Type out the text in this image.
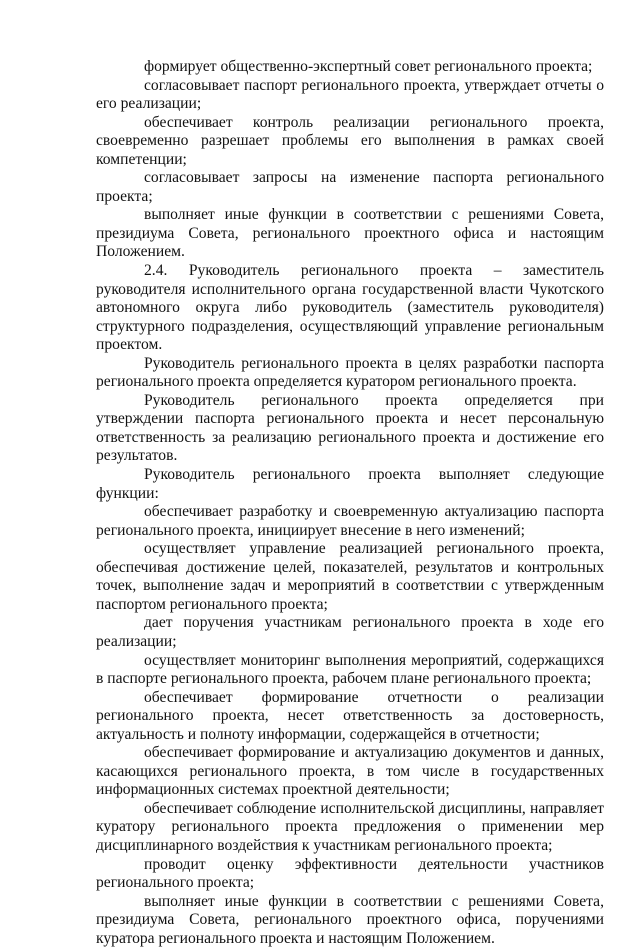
формирует общественно-экспертный совет регионального проекта;

согласовывает паспорт регионального проекта, утверждает отчеты о его реализации;

обеспечивает контроль реализации регионального проекта, своевременно разрешает проблемы его выполнения в рамках своей компетенции;

согласовывает запросы на изменение паспорта регионального проекта;

выполняет иные функции в соответствии с решениями Совета, президиума Совета, регионального проектного офиса и настоящим Положением.

2.4. Руководитель регионального проекта – заместитель руководителя исполнительного органа государственной власти Чукотского автономного округа либо руководитель (заместитель руководителя) структурного подразделения, осуществляющий управление региональным проектом.

Руководитель регионального проекта в целях разработки паспорта регионального проекта определяется куратором регионального проекта.

Руководитель регионального проекта определяется при утверждении паспорта регионального проекта и несет персональную ответственность за реализацию регионального проекта и достижение его результатов.

Руководитель регионального проекта выполняет следующие функции:

обеспечивает разработку и своевременную актуализацию паспорта регионального проекта, инициирует внесение в него изменений;

осуществляет управление реализацией регионального проекта, обеспечивая достижение целей, показателей, результатов и контрольных точек, выполнение задач и мероприятий в соответствии с утвержденным паспортом регионального проекта;

дает поручения участникам регионального проекта в ходе его реализации;

осуществляет мониторинг выполнения мероприятий, содержащихся в паспорте регионального проекта, рабочем плане регионального проекта;

обеспечивает формирование отчетности о реализации регионального проекта, несет ответственность за достоверность, актуальность и полноту информации, содержащейся в отчетности;

обеспечивает формирование и актуализацию документов и данных, касающихся регионального проекта, в том числе в государственных информационных системах проектной деятельности;

обеспечивает соблюдение исполнительской дисциплины, направляет куратору регионального проекта предложения о применении мер дисциплинарного воздействия к участникам регионального проекта;

проводит оценку эффективности деятельности участников регионального проекта;

выполняет иные функции в соответствии с решениями Совета, президиума Совета, регионального проектного офиса, поручениями куратора регионального проекта и настоящим Положением.
